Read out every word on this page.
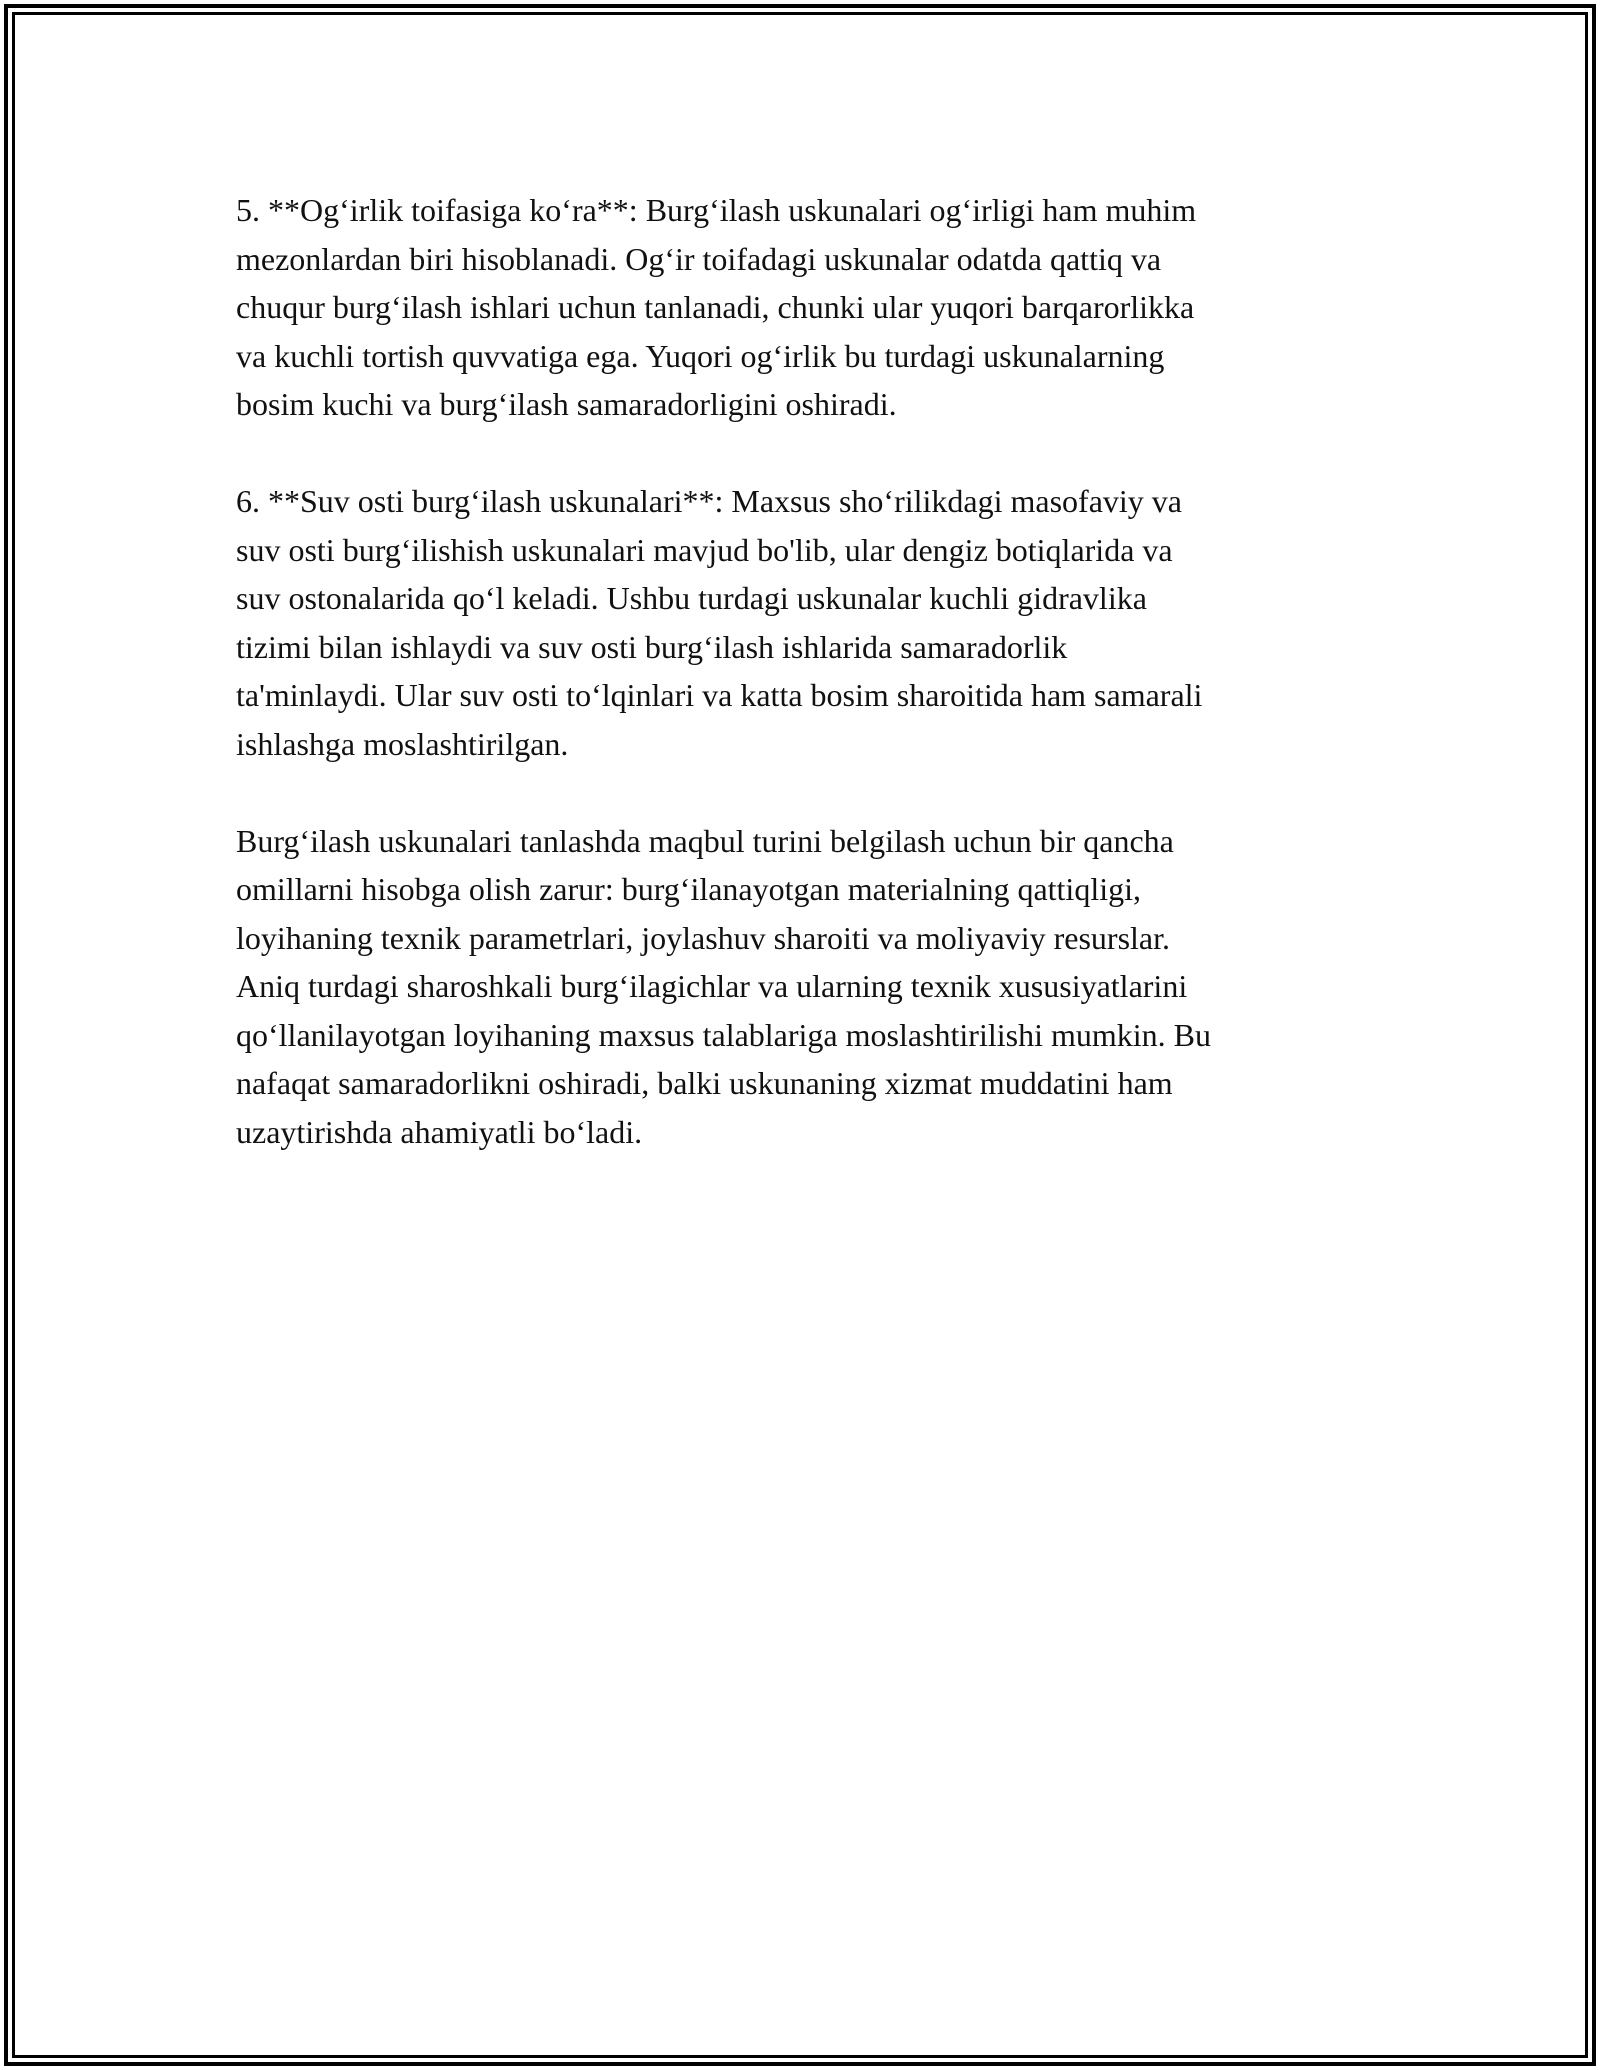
5. **Og‘irlik toifasiga ko‘ra**: Burg‘ilash uskunalari og‘irligi ham muhim
mezonlardan biri hisoblanadi. Og‘ir toifadagi uskunalar odatda qattiq va
chuqur burg‘ilash ishlari uchun tanlanadi, chunki ular yuqori barqarorlikka
va kuchli tortish quvvatiga ega. Yuqori og‘irlik bu turdagi uskunalarning
bosim kuchi va burg‘ilash samaradorligini oshiradi.

6. **Suv osti burg‘ilash uskunalari**: Maxsus sho‘rilikdagi masofaviy va
suv osti burg‘ilishish uskunalari mavjud bo'lib, ular dengiz botiqlarida va
suv ostonalarida qo‘l keladi. Ushbu turdagi uskunalar kuchli gidravlika
tizimi bilan ishlaydi va suv osti burg‘ilash ishlarida samaradorlik
ta'minlaydi. Ular suv osti to‘lqinlari va katta bosim sharoitida ham samarali
ishlashga moslashtirilgan.

Burg‘ilash uskunalari tanlashda maqbul turini belgilash uchun bir qancha
omillarni hisobga olish zarur: burg‘ilanayotgan materialning qattiqligi,
loyihaning texnik parametrlari, joylashuv sharoiti va moliyaviy resurslar.
Aniq turdagi sharoshkali burg‘ilagichlar va ularning texnik xususiyatlarini
qo‘llanilayotgan loyihaning maxsus talablariga moslashtirilishi mumkin. Bu
nafaqat samaradorlikni oshiradi, balki uskunaning xizmat muddatini ham
uzaytirishda ahamiyatli bo‘ladi.
